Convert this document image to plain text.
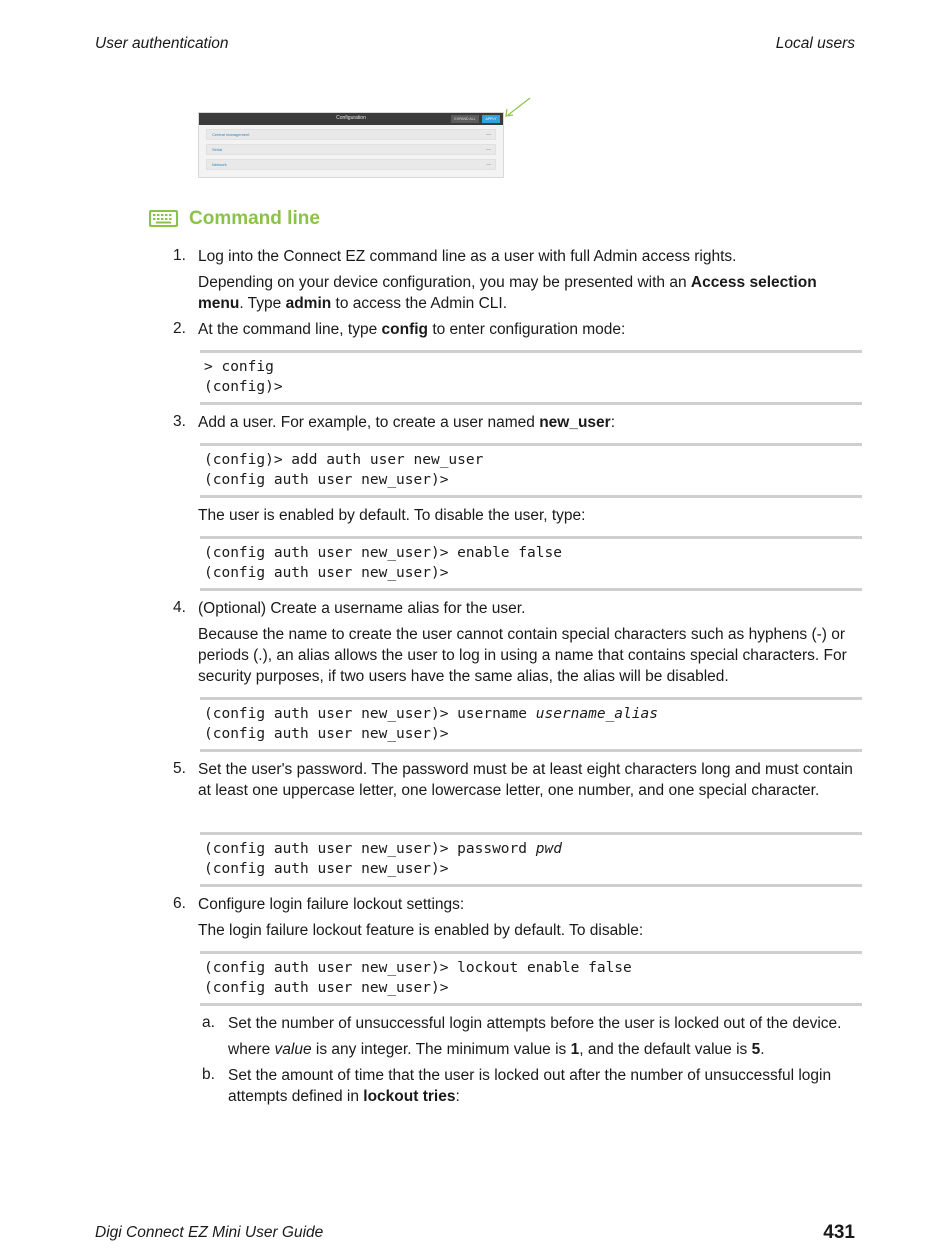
User authentication	Local users
Configuration	EXPAND ALL	APPLY
Central management	—
Serial	—
Network	—
Command line
1. Log into the Connect EZ command line as a user with full Admin access rights.
Depending on your device configuration, you may be presented with an Access selection menu. Type admin to access the Admin CLI.
2. At the command line, type config to enter configuration mode:
> config
(config)>
3. Add a user. For example, to create a user named new_user:
(config)> add auth user new_user
(config auth user new_user)>
The user is enabled by default. To disable the user, type:
(config auth user new_user)> enable false
(config auth user new_user)>
4. (Optional) Create a username alias for the user.
Because the name to create the user cannot contain special characters such as hyphens (-) or periods (.), an alias allows the user to log in using a name that contains special characters. For security purposes, if two users have the same alias, the alias will be disabled.
(config auth user new_user)> username username_alias
(config auth user new_user)>
5. Set the user's password. The password must be at least eight characters long and must contain at least one uppercase letter, one lowercase letter, one number, and one special character.
(config auth user new_user)> password pwd
(config auth user new_user)>
6. Configure login failure lockout settings:
The login failure lockout feature is enabled by default. To disable:
(config auth user new_user)> lockout enable false
(config auth user new_user)>
a. Set the number of unsuccessful login attempts before the user is locked out of the device.
where value is any integer. The minimum value is 1, and the default value is 5.
b. Set the amount of time that the user is locked out after the number of unsuccessful login attempts defined in lockout tries:
Digi Connect EZ Mini User Guide	431
